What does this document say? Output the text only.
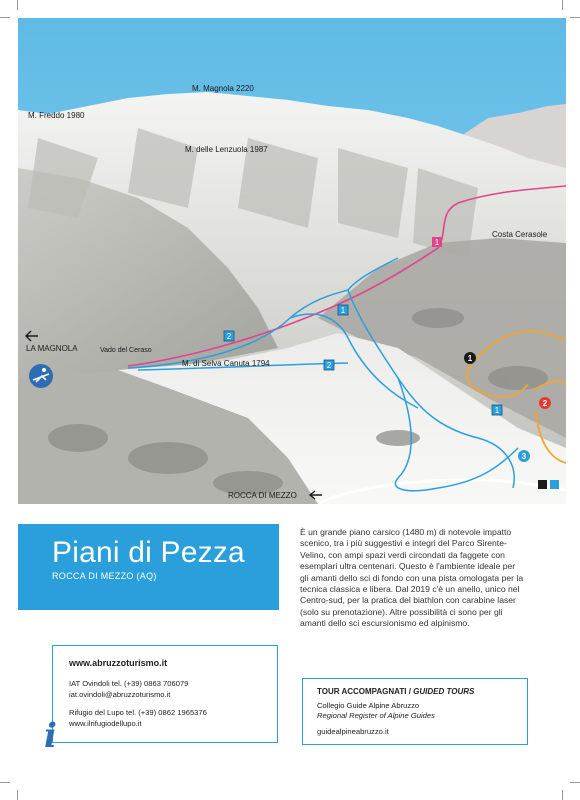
1
2
1
2
1
1
2
3
M. Magnola 2220
M. Freddo 1980
M. delle Lenzuola 1987
Costa Cerasole
Vado del Ceraso
M. di Selva Canuta 1794
LA MAGNOLA
ROCCA DI MEZZO
Piani di Pezza
ROCCA DI MEZZO (AQ)
È un grande piano carsico (1480 m) di notevole impatto scenico, tra i più suggestivi e integri del Parco Sirente-Velino, con ampi spazi verdi circondati da faggete con esemplari ultra centenari. Questo è l'ambiente ideale per gli amanti dello sci di fondo con una pista omologata per la tecnica classica e libera. Dal 2019 c'è un anello, unico nel Centro-sud, per la pratica del biathlon con carabine laser (solo su prenotazione). Altre possibilità ci sono per gli amanti dello sci escursionismo ed alpinismo.
www.abruzzoturismo.it
IAT Ovindoli tel. (+39) 0863 706079
iat.ovindoli@abruzzoturismo.it
Rifugio del Lupo tel. (+39) 0862 1965376
www.ilrifugiodellupo.it
i
TOUR ACCOMPAGNATI / GUIDED TOURS
Collegio Guide Alpine Abruzzo
Regional Register of Alpine Guides
guidealpineabruzzo.it
